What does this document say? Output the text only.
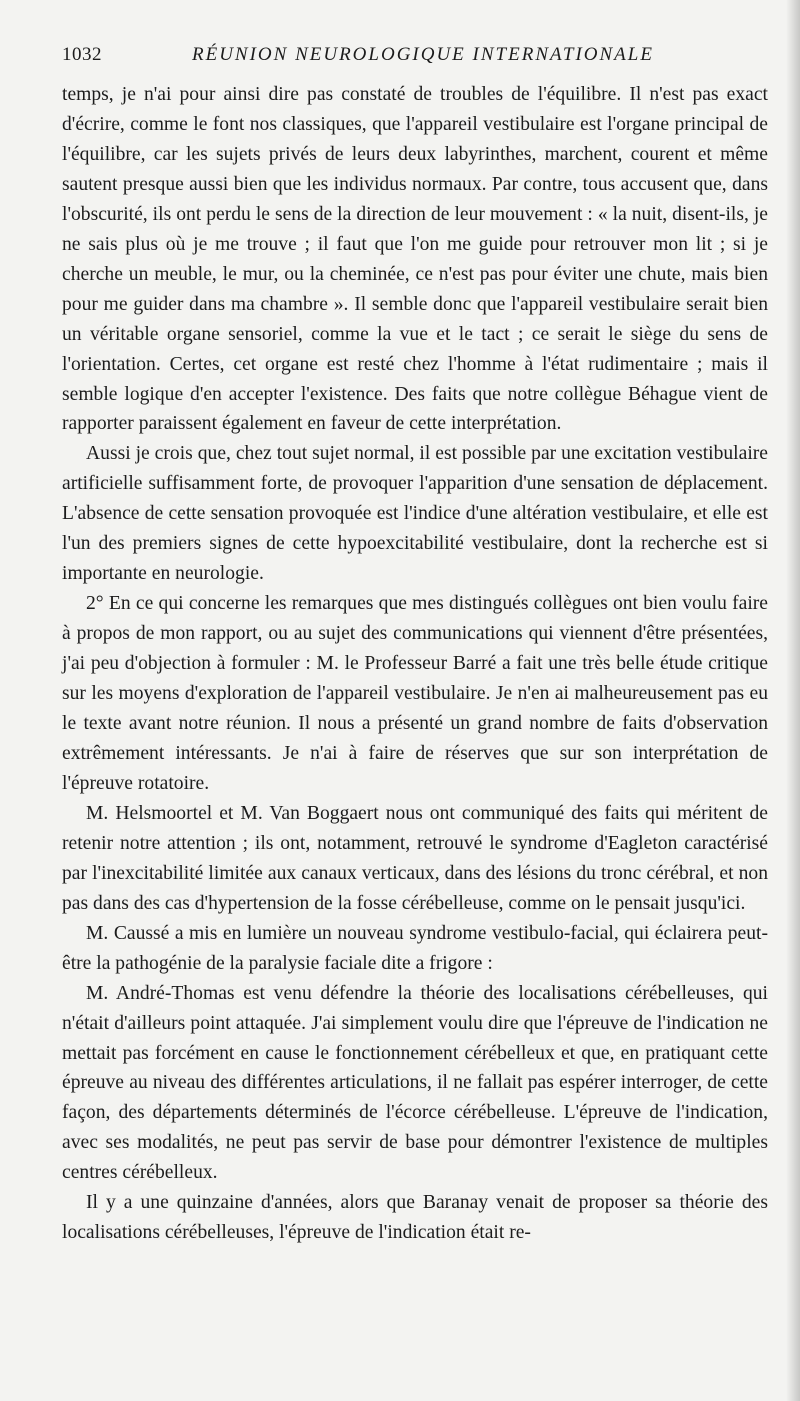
1032	RÉUNION NEUROLOGIQUE INTERNATIONALE

temps, je n'ai pour ainsi dire pas constaté de troubles de l'équilibre. Il n'est pas exact d'écrire, comme le font nos classiques, que l'appareil vestibulaire est l'organe principal de l'équilibre, car les sujets privés de leurs deux labyrinthes, marchent, courent et même sautent presque aussi bien que les individus normaux. Par contre, tous accusent que, dans l'obscurité, ils ont perdu le sens de la direction de leur mouvement : « la nuit, disent-ils, je ne sais plus où je me trouve ; il faut que l'on me guide pour retrouver mon lit ; si je cherche un meuble, le mur, ou la cheminée, ce n'est pas pour éviter une chute, mais bien pour me guider dans ma chambre ». Il semble donc que l'appareil vestibulaire serait bien un véritable organe sensoriel, comme la vue et le tact ; ce serait le siège du sens de l'orientation. Certes, cet organe est resté chez l'homme à l'état rudimentaire ; mais il semble logique d'en accepter l'existence. Des faits que notre collègue Béhague vient de rapporter paraissent également en faveur de cette interprétation.

Aussi je crois que, chez tout sujet normal, il est possible par une excitation vestibulaire artificielle suffisamment forte, de provoquer l'apparition d'une sensation de déplacement. L'absence de cette sensation provoquée est l'indice d'une altération vestibulaire, et elle est l'un des premiers signes de cette hypoexcitabilité vestibulaire, dont la recherche est si importante en neurologie.

2° En ce qui concerne les remarques que mes distingués collègues ont bien voulu faire à propos de mon rapport, ou au sujet des communications qui viennent d'être présentées, j'ai peu d'objection à formuler : M. le Professeur Barré a fait une très belle étude critique sur les moyens d'exploration de l'appareil vestibulaire. Je n'en ai malheureusement pas eu le texte avant notre réunion. Il nous a présenté un grand nombre de faits d'observation extrêmement intéressants. Je n'ai à faire de réserves que sur son interprétation de l'épreuve rotatoire.

M. Helsmoortel et M. Van Boggaert nous ont communiqué des faits qui méritent de retenir notre attention ; ils ont, notamment, retrouvé le syndrome d'Eagleton caractérisé par l'inexcitabilité limitée aux canaux verticaux, dans des lésions du tronc cérébral, et non pas dans des cas d'hypertension de la fosse cérébelleuse, comme on le pensait jusqu'ici.

M. Caussé a mis en lumière un nouveau syndrome vestibulo-facial, qui éclairera peut-être la pathogénie de la paralysie faciale dite a frigore :

M. André-Thomas est venu défendre la théorie des localisations cérébelleuses, qui n'était d'ailleurs point attaquée. J'ai simplement voulu dire que l'épreuve de l'indication ne mettait pas forcément en cause le fonctionnement cérébelleux et que, en pratiquant cette épreuve au niveau des différentes articulations, il ne fallait pas espérer interroger, de cette façon, des départements déterminés de l'écorce cérébelleuse. L'épreuve de l'indication, avec ses modalités, ne peut pas servir de base pour démontrer l'existence de multiples centres cérébelleux.

Il y a une quinzaine d'années, alors que Baranay venait de proposer sa théorie des localisations cérébelleuses, l'épreuve de l'indication était re-
